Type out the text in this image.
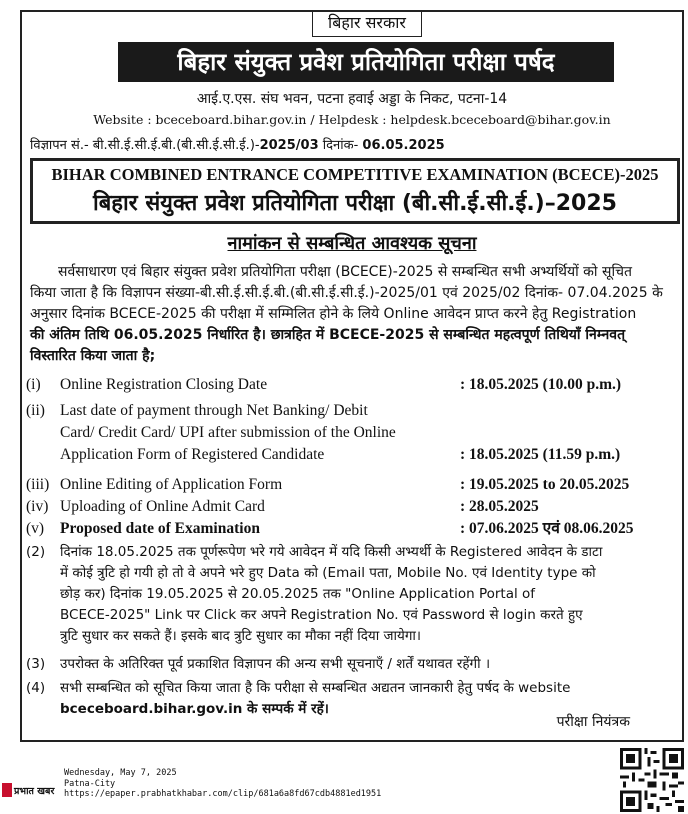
बिहार सरकार
बिहार संयुक्त प्रवेश प्रतियोगिता परीक्षा पर्षद
आई.ए.एस. संघ भवन, पटना हवाई अड्डा के निकट, पटना-14
Website : bceceboard.bihar.gov.in / Helpdesk : helpdesk.bceceboard@bihar.gov.in
विज्ञापन सं.- बी.सी.ई.सी.ई.बी.(बी.सी.ई.सी.ई.)-2025/03 दिनांक- 06.05.2025
BIHAR COMBINED ENTRANCE COMPETITIVE EXAMINATION (BCECE)-2025
बिहार संयुक्त प्रवेश प्रतियोगिता परीक्षा (बी.सी.ई.सी.ई.)–2025
नामांकन से सम्बन्धित आवश्यक सूचना
सर्वसाधारण एवं बिहार संयुक्त प्रवेश प्रतियोगिता परीक्षा (BCECE)-2025 से सम्बन्धित सभी अभ्यर्थियों को सूचित
किया जाता है कि विज्ञापन संख्या-बी.सी.ई.सी.ई.बी.(बी.सी.ई.सी.ई.)-2025/01 एवं 2025/02 दिनांक- 07.04.2025 के
अनुसार दिनांक BCECE-2025 की परीक्षा में सम्मिलित होने के लिये Online आवेदन प्राप्त करने हेतु Registration
की अंतिम तिथि 06.05.2025 निर्धारित है। छात्रहित में BCECE-2025 से सम्बन्धित महत्वपूर्ण तिथियाँ निम्नवत्
विस्तारित किया जाता है;
(i) Online Registration Closing Date	: 18.05.2025 (10.00 p.m.)
(ii) Last date of payment through Net Banking/ Debit
Card/ Credit Card/ UPI after submission of the Online
Application Form of Registered Candidate	: 18.05.2025 (11.59 p.m.)
(iii) Online Editing of Application Form	: 19.05.2025 to 20.05.2025
(iv) Uploading of Online Admit Card	: 28.05.2025
(v) Proposed date of Examination	: 07.06.2025 एवं 08.06.2025
(2) दिनांक 18.05.2025 तक पूर्णरूपेण भरे गये आवेदन में यदि किसी अभ्यर्थी के Registered आवेदन के डाटा
में कोई त्रुटि हो गयी हो तो वे अपने भरे हुए Data को (Email पता, Mobile No. एवं Identity type को
छोड़ कर) दिनांक 19.05.2025 से 20.05.2025 तक "Online Application Portal of
BCECE-2025" Link पर Click कर अपने Registration No. एवं Password से login करते हुए
त्रुटि सुधार कर सकते हैं। इसके बाद त्रुटि सुधार का मौका नहीं दिया जायेगा।
(3) उपरोक्त के अतिरिक्त पूर्व प्रकाशित विज्ञापन की अन्य सभी सूचनाएँ / शर्तें यथावत रहेंगी ।
(4) सभी सम्बन्धित को सूचित किया जाता है कि परीक्षा से सम्बन्धित अद्यतन जानकारी हेतु पर्षद के website
bceceboard.bihar.gov.in के सम्पर्क में रहें।
परीक्षा नियंत्रक
प्रभात खबर
Wednesday, May 7, 2025
Patna-City
https://epaper.prabhatkhabar.com/clip/681a6a8fd67cdb4881ed1951
